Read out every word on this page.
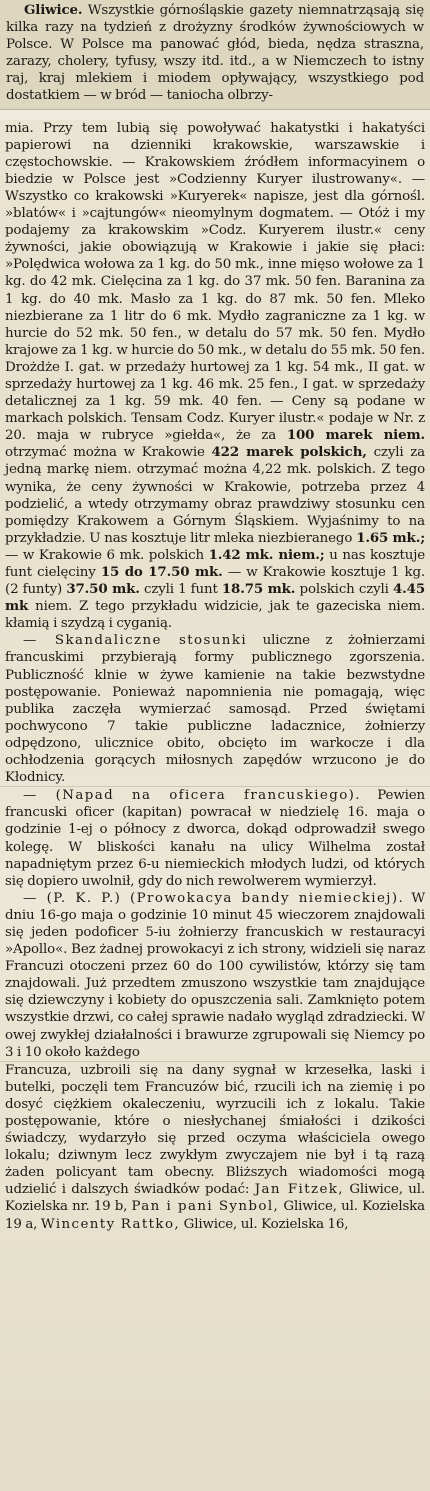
Gliwice. Wszystkie górnośląskie gazety niemnatrząsają się kilka razy na tydzień z drożyzny środków żywnościowych w Polsce. W Polsce ma panować głód, bieda, nędza straszna, zarazy, cholery, tyfusy, wszy itd. itd., a w Niemczech to istny raj, kraj mlekiem i miodem opływający, wszystkiego pod dostatkiem — w bród — taniocha olbrzy-

mia. Przy tem lubią się powoływać hakatystki i hakatyści papierowi na dzienniki krakowskie, warszawskie i częstochowskie. — Krakowskiem źródłem informacyinem o biedzie w Polsce jest »Codzienny Kuryer ilustrowany«. — Wszystko co krakowski »Kuryerek« napisze, jest dla górnośl. »blatów« i »cajtungów« nieomylnym dogmatem. — Otóż i my podajemy za krakowskim »Codz. Kuryerem ilustr.« ceny żywności, jakie obowiązują w Krakowie i jakie się płaci: »Polędwica wołowa za 1 kg. do 50 mk., inne mięso wołowe za 1 kg. do 42 mk. Cielęcina za 1 kg. do 37 mk. 50 fen. Baranina za 1 kg. do 40 mk. Masło za 1 kg. do 87 mk. 50 fen. Mleko niezbierane za 1 litr do 6 mk. Mydło zagraniczne za 1 kg. w hurcie do 52 mk. 50 fen., w detalu do 57 mk. 50 fen. Mydło krajowe za 1 kg. w hurcie do 50 mk., w detalu do 55 mk. 50 fen. Drożdże I. gat. w przedaży hurtowej za 1 kg. 54 mk., II gat. w sprzedaży hurtowej za 1 kg. 46 mk. 25 fen., I gat. w sprzedaży detalicznej za 1 kg. 59 mk. 40 fen. — Ceny są podane w markach polskich. Tensam Codz. Kuryer ilustr.« podaje w Nr. z 20. maja w rubryce »giełda«, że za 100 marek niem. otrzymać można w Krakowie 422 marek polskich, czyli za jedną markę niem. otrzymać można 4,22 mk. polskich. Z tego wynika, że ceny żywności w Krakowie, potrzeba przez 4 podzielić, a wtedy otrzymamy obraz prawdziwy stosunku cen pomiędzy Krakowem a Górnym Śląskiem. Wyjaśnimy to na przykładzie. U nas kosztuje litr mleka niezbieranego 1.65 mk.; — w Krakowie 6 mk. polskich 1.42 mk. niem.; u nas kosztuje funt cielęciny 15 do 17.50 mk. — w Krakowie kosztuje 1 kg. (2 funty) 37.50 mk. czyli 1 funt 18.75 mk. polskich czyli 4.45 mk niem. Z tego przykładu widzicie, jak te gazeciska niem. kłamią i szydzą i cyganią.

— Skandaliczne stosunki uliczne z żołnierzami francuskimi przybierają formy publicznego zgorszenia. Publiczność klnie w żywe kamienie na takie bezwstydne postępowanie. Ponieważ napomnienia nie pomagają, więc publika zaczęła wymierzać samosąd. Przed świętami pochwycono 7 takie publiczne ladacznice, żołnierzy odpędzono, ulicznice obito, obcięto im warkocze i dla ochłodzenia gorących miłosnych zapędów wrzucono je do Kłodnicy.

— (Napad na oficera francuskiego). Pewien francuski oficer (kapitan) powracał w niedzielę 16. maja o godzinie 1-ej o północy z dworca, dokąd odprowadził swego kolegę. W bliskości kanału na ulicy Wilhelma został napadniętym przez 6-u niemieckich młodych ludzi, od których się dopiero uwolnił, gdy do nich rewolwerem wymierzył.

— (P. K. P.) (Prowokacya bandy niemieckiej). W dniu 16-go maja o godzinie 10 minut 45 wieczorem znajdowali się jeden podoficer 5-iu żołnierzy francuskich w restauracyi »Apollo«. Bez żadnej prowokacyi z ich strony, widzieli się naraz Francuzi otoczeni przez 60 do 100 cywilistów, którzy się tam znajdowali. Już przedtem zmuszono wszystkie tam znajdujące się dziewczyny i kobiety do opuszczenia sali. Zamknięto potem wszystkie drzwi, co całej sprawie nadało wygląd zdradziecki. W owej zwykłej działalności i brawurze zgrupowali się Niemcy po 3 i 10 około każdego

Francuza, uzbroili się na dany sygnał w krzesełka, laski i butelki, poczęli tem Francuzów bić, rzucili ich na ziemię i po dosyć ciężkiem okaleczeniu, wyrzucili ich z lokalu. Takie postępowanie, które o niesłychanej śmiałości i dzikości świadczy, wydarzyło się przed oczyma właściciela owego lokalu; dziwnym lecz zwykłym zwyczajem nie był i tą razą żaden policyant tam obecny. Bliższych wiadomości mogą udzielić i dalszych świadków podać: Jan Fitzek, Gliwice, ul. Kozielska nr. 19 b, Pan i pani Synbol, Gliwice, ul. Kozielska 19 a, Wincenty Rattko, Gliwice, ul. Kozielska 16,
